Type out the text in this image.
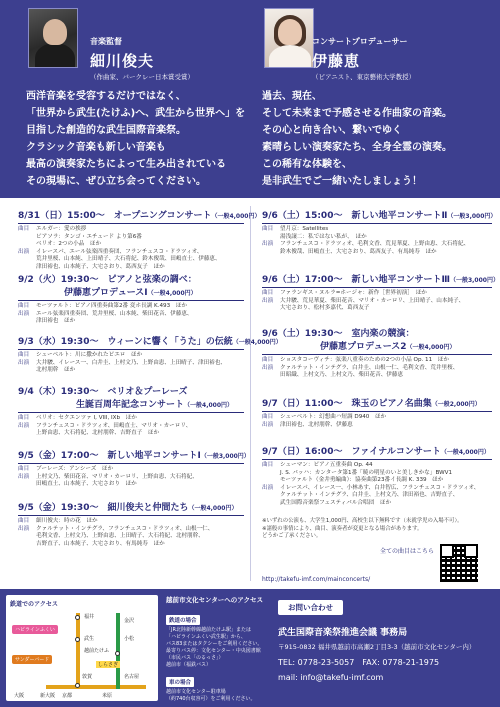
音楽監督
細川俊夫
（作曲家、バークレー日本賞受賞）
コンサートプロデューサー
伊藤恵
（ピアニスト、東京藝術大学教授）
西洋音楽を受容するだけではなく、
「世界から武生(たけふ)へ、武生から世界へ」を
目指した創造的な武生国際音楽祭。
クラシック音楽も新しい音楽も
最高の演奏家たちによって生み出されている
その現場に、ぜひ立ち会ってください。
過去、現在、
そして未来まで予感させる作曲家の音楽。
その心と向き合い、繋いでゆく
素晴らしい演奏家たち、全身全霊の演奏。
この稀有な体験を、
是非武生でご一緒いたしましょう！
8/31（日）15:00～　オープニングコンサート（一般4,000円）
曲目	エルガー：愛の挨拶
ビアソラ：タンゴ・エチュード より第6番
ベリオ：2つの小品　ほか
出演	イレースパ、エール弦楽四重奏団、フランチェスコ・ドラツィオ、
荒井里桜、山本純、上田晴子、大石将紀、鈴木俊哉、田嶋直士、伊藤恵、
津田裕也、山本純子、大宅さおり、葛西友子　ほか
9/2（火）19:30～　ピアノと弦楽の調べ：
伊藤恵プロデュースⅠ（一般4,000円）
曲目	モーツァルト：ピアノ四重奏曲第2番 変ホ長調 K.493　ほか
出演	エール弦楽四重奏団、荒井里桜、山本純、柴田花音、伊藤恵、
津田裕也　ほか
9/3（水）19:30～　ウィーンに響く「うた」の伝統（一般4,000円）
曲目	シューベルト：川に撒かれたピエロ　ほか
出演	大井駿、イレース一、白井圭、上村文乃、上野由恵、上田晴子、津田裕也、
北村朋幹　ほか
9/4（木）19:30～　ベリオ＆プーレーズ
生誕百周年記念コンサート（一般4,000円）
曲目	ベリオ：セクエンツァ I, VIII, IXb　ほか
出演	フランチェスコ・ドラツィオ、田嶋直士、マリオ・カーロリ、
上野由恵、大石将紀、北村朋幹、吉野直子　ほか
9/5（金）17:00～　新しい地平コンサートⅠ（一般3,000円）
曲目	ブーレーズ：アンシーズ　ほか
出演	上村文乃、柴田花音、マリオ・カーロリ、上野由恵、大石将紀、
田嶋直士、山本純子、大宅さおり　ほか
9/5（金）19:30～　細川俊夫と仲間たち（一般4,000円）
曲目	細川俊夫：時の花　ほか
出演	クァルテット・インテグラ、フランチェスコ・ドラツィオ、山根一仁、
毛利文香、上村文乃、上野由恵、上田晴子、大石将紀、北村朋幹、
吉野直子、山本純子、大宅さおり、有馬純寿　ほか
9/6（土）15:00～　新しい地平コンサートⅡ（一般3,000円）
曲目	望月京：Satellites
湯浅譲二：私ではない私が、　ほか
出演	フランチェスコ・ドラツィオ、毛利文香、荒見華夏、上野由恵、大石将紀、
鈴木俊哉、田嶋直士、大宅さおり、葛西友子、有馬純寿　ほか
9/6（土）17:00～　新しい地平コンサートⅢ（一般3,000円）
曲目	ファランギス・ヌルラ=ホージャ：新作［世界初演］　ほか
出演	大井駿、荒見華夏、柴田花音、マリオ・カーロリ、上田晴子、山本純子、
大宅さおり、松村多嘉代、葛西友子
9/6（土）19:30～　室内楽の競演：
伊藤恵プロデュース2（一般4,000円）
曲目	ショスタコーヴィチ：弦楽八重奏のための2つの小品 Op. 11　ほか
出演	クァルテット・インテグラ、白井圭、山根一仁、毛利文香、荒井里桜、
田昭織、上村文乃、上村文乃、柴田花音、伊藤恵
9/7（日）11:00～　珠玉のピアノ名曲集（一般2,000円）
曲目	シューベルト：幻想曲ハ短調 D940　ほか
出演	津田裕也、北村朋幹、伊藤恵
9/7（日）16:00～　ファイナルコンサート（一般4,000円）
曲目	シューマン：ピアノ五重奏曲 Op. 44
J. S. バッハ：カンタータ第1番「暁の明星のいと美しきかな」BWV1
モーツァルト（金井勇編曲）：協奏曲第23番イ長調 K. 339　ほか
出演	イレースパ、イレース一、小林あす、白井智広、フランチェスコ・ドラツィオ、
クァルテット・インテグラ、白井圭、上村文乃、津田裕也、吉野直子、
武生国際音楽祭フェスティバル合唱団　ほか
※いずれの公演も、大学生1,000円、高校生以下無料です（未就学児の入場不可）。
※諸般の事情により、曲目、演奏者が変更となる場合があります。
どうかご了承ください。
全ての曲目はこちら
http://takefu-imf.com/mainconcerts/
鉄道でのアクセス
ハピラインふくい
サンダーバード
福井
武生
越前たけふ
しらさぎ
金沢
小松
敦賀	名古屋
京都
新大阪	米原
大阪
越前市文化センターへのアクセス
鉄道の場合
「JR北陸新幹線越前たけふ駅」または
「ハピラインふくい武生駅」から、
バス83またはタクシーをご利用ください。
最寄りバス停：文化センター・中央図書館
（市民バス「のるっさ」）
越前市（福鉄バス）
車の場合
越前市文化センター駐車場
（約740台収容可）をご利用ください。
お問い合わせ
武生国際音楽祭推進会議 事務局
〒915-0832 福井県越前市高瀬2丁目3-3（越前市文化センター内）
TEL: 0778-23-5057　FAX: 0778-21-1975
mail: info@takefu-imf.com
